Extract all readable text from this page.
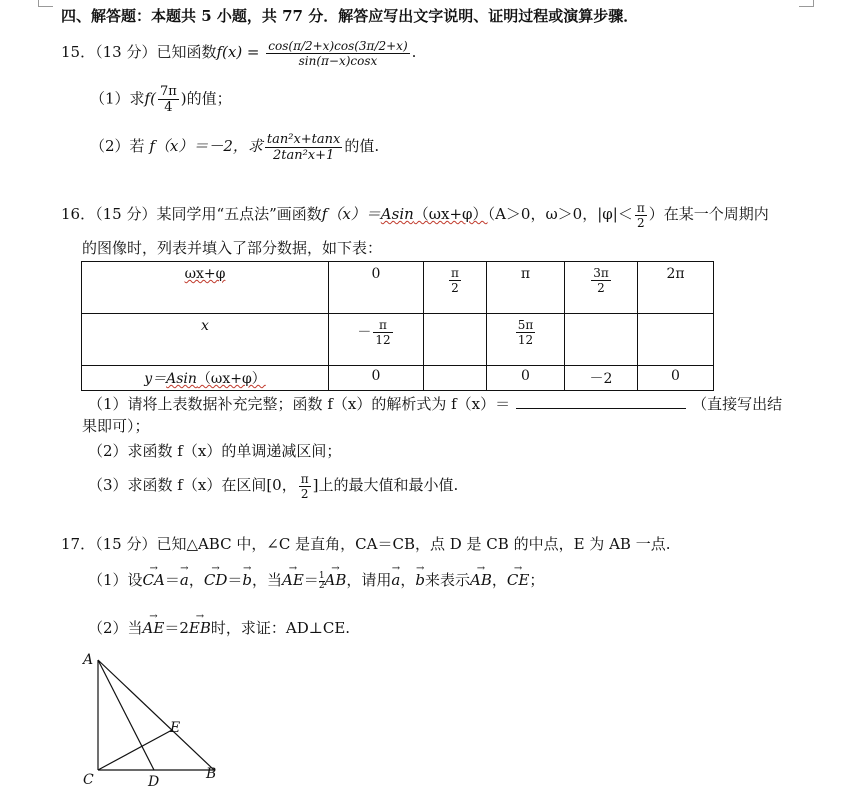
四、解答题：本题共 5 小题，共 77 分．解答应写出文字说明、证明过程或演算步骤．
15．（13 分）已知函数$f(x) = \frac{\cos(\pi/2+x)\cos(3\pi/2+x)}{\sin(\pi-x)\cos x}$ .
（1）求$f( \frac{7\pi}{4}$ )的值；
（2）若 f（x）＝－2，求 $\frac{\text{tan²x+tanx}}{\text{2tan²x+1}}$ 的值.
16．（15 分）某同学用“五点法”画函数f（x）＝Asin（ωx+φ）（A＞0，ω＞0，$|\varphi|< \frac{\pi}{2}$ ）在某一个周期内
的图像时，列表并填入了部分数据，如下表：
ωx+φ	0	$\frac{\pi}{2}$	π	$\frac{3\pi}{2}$	2π
x	－ $\frac{\pi}{12}$		$\frac{5\pi}{12}$

y＝Asin（ωx+φ）	0		0	－2	0
（1）请将上表数据补充完整；函数 f（x）的解析式为 f（x）＝	（直接写出结
果即可）；
（2）求函数 f（x）的单调递减区间；
（3）求函数 f（x）在区间[0， $\frac{\pi}{2}$ ]上的最大值和最小值.
17．（15 分）已知△ABC 中，∠C 是直角，CA＝CB，点 D 是 CB 的中点，E 为 AB 一点.
（1）设→ CA＝→ a，→ CD＝→ b，当→ $AE= \frac{1}{2}$ → AB，请用→ a，→ b来表示→ AB，→ CE；
（2）当→ AE＝2→ EB时，求证：AD⊥CE.
A
C	D	B
E
